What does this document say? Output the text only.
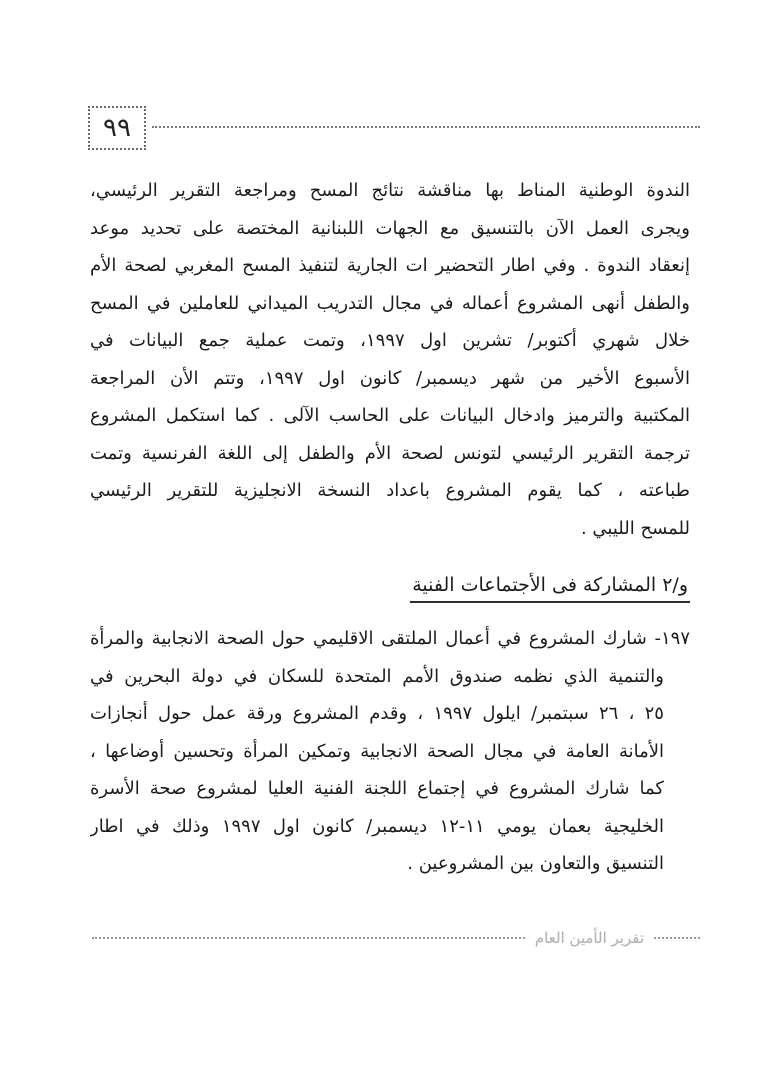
٩٩
الندوة الوطنية المناط بها مناقشة نتائج المسح ومراجعة التقرير الرئيسي،
ويجرى العمل الآن بالتنسيق مع الجهات اللبنانية المختصة على تحديد موعد
إنعقاد الندوة . وفي اطار التحضير ات الجارية لتنفيذ المسح المغربي لصحة الأم
والطفل أنهى المشروع أعماله في مجال التدريب الميداني للعاملين في المسح
خلال شهري أكتوبر/ تشرين اول ١٩٩٧، وتمت عملية جمع البيانات في
الأسبوع الأخير من شهر ديسمبر/ كانون اول ١٩٩٧، وتتم الأن المراجعة
المكتبية والترميز وادخال البيانات على الحاسب الآلى . كما استكمل المشروع
ترجمة التقرير الرئيسي لتونس لصحة الأم والطفل إلى اللغة الفرنسية وتمت
طباعته ، كما يقوم المشروع باعداد النسخة الانجليزية للتقرير الرئيسي
للمسح الليبي .
و/٢ المشاركة فى الأجتماعات الفنية
١٩٧- شارك المشروع في أعمال الملتقى الاقليمي حول الصحة الانجابية والمرأة
والتنمية الذي نظمه صندوق الأمم المتحدة للسكان في دولة البحرين في
٢٥ ، ٢٦ سبتمبر/ ايلول ١٩٩٧ ، وقدم المشروع ورقة عمل حول أنجازات
الأمانة العامة في مجال الصحة الانجابية وتمكين المرأة وتحسين أوضاعها ،
كما شارك المشروع في إجتماع اللجنة الفنية العليا لمشروع صحة الأسرة
الخليجية بعمان يومي ١١-١٢ ديسمبر/ كانون اول ١٩٩٧ وذلك في اطار
التنسيق والتعاون بين المشروعين .
تقرير الأمين العام
